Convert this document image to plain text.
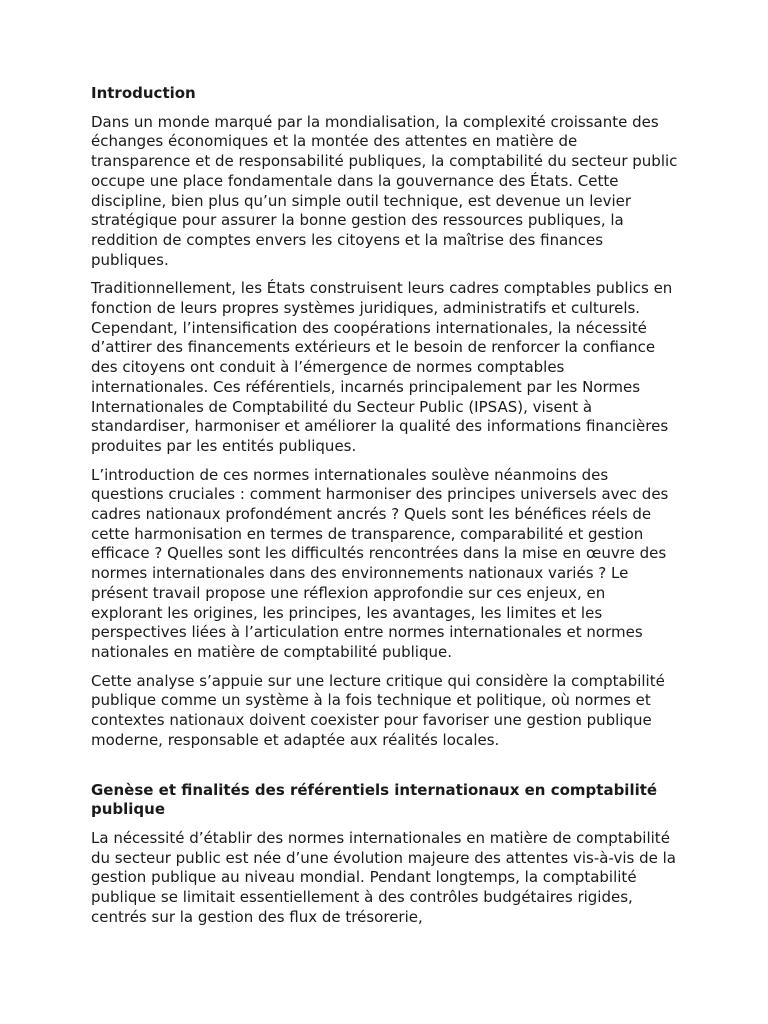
Introduction

Dans un monde marqué par la mondialisation, la complexité croissante des échanges économiques et la montée des attentes en matière de transparence et de responsabilité publiques, la comptabilité du secteur public occupe une place fondamentale dans la gouvernance des États. Cette discipline, bien plus qu’un simple outil technique, est devenue un levier stratégique pour assurer la bonne gestion des ressources publiques, la reddition de comptes envers les citoyens et la maîtrise des finances publiques.

Traditionnellement, les États construisent leurs cadres comptables publics en fonction de leurs propres systèmes juridiques, administratifs et culturels. Cependant, l’intensification des coopérations internationales, la nécessité d’attirer des financements extérieurs et le besoin de renforcer la confiance des citoyens ont conduit à l’émergence de normes comptables internationales. Ces référentiels, incarnés principalement par les Normes Internationales de Comptabilité du Secteur Public (IPSAS), visent à standardiser, harmoniser et améliorer la qualité des informations financières produites par les entités publiques.

L’introduction de ces normes internationales soulève néanmoins des questions cruciales : comment harmoniser des principes universels avec des cadres nationaux profondément ancrés ? Quels sont les bénéfices réels de cette harmonisation en termes de transparence, comparabilité et gestion efficace ? Quelles sont les difficultés rencontrées dans la mise en œuvre des normes internationales dans des environnements nationaux variés ? Le présent travail propose une réflexion approfondie sur ces enjeux, en explorant les origines, les principes, les avantages, les limites et les perspectives liées à l’articulation entre normes internationales et normes nationales en matière de comptabilité publique.

Cette analyse s’appuie sur une lecture critique qui considère la comptabilité publique comme un système à la fois technique et politique, où normes et contextes nationaux doivent coexister pour favoriser une gestion publique moderne, responsable et adaptée aux réalités locales.

Genèse et finalités des référentiels internationaux en comptabilité publique

La nécessité d’établir des normes internationales en matière de comptabilité du secteur public est née d’une évolution majeure des attentes vis-à-vis de la gestion publique au niveau mondial. Pendant longtemps, la comptabilité publique se limitait essentiellement à des contrôles budgétaires rigides, centrés sur la gestion des flux de trésorerie,
